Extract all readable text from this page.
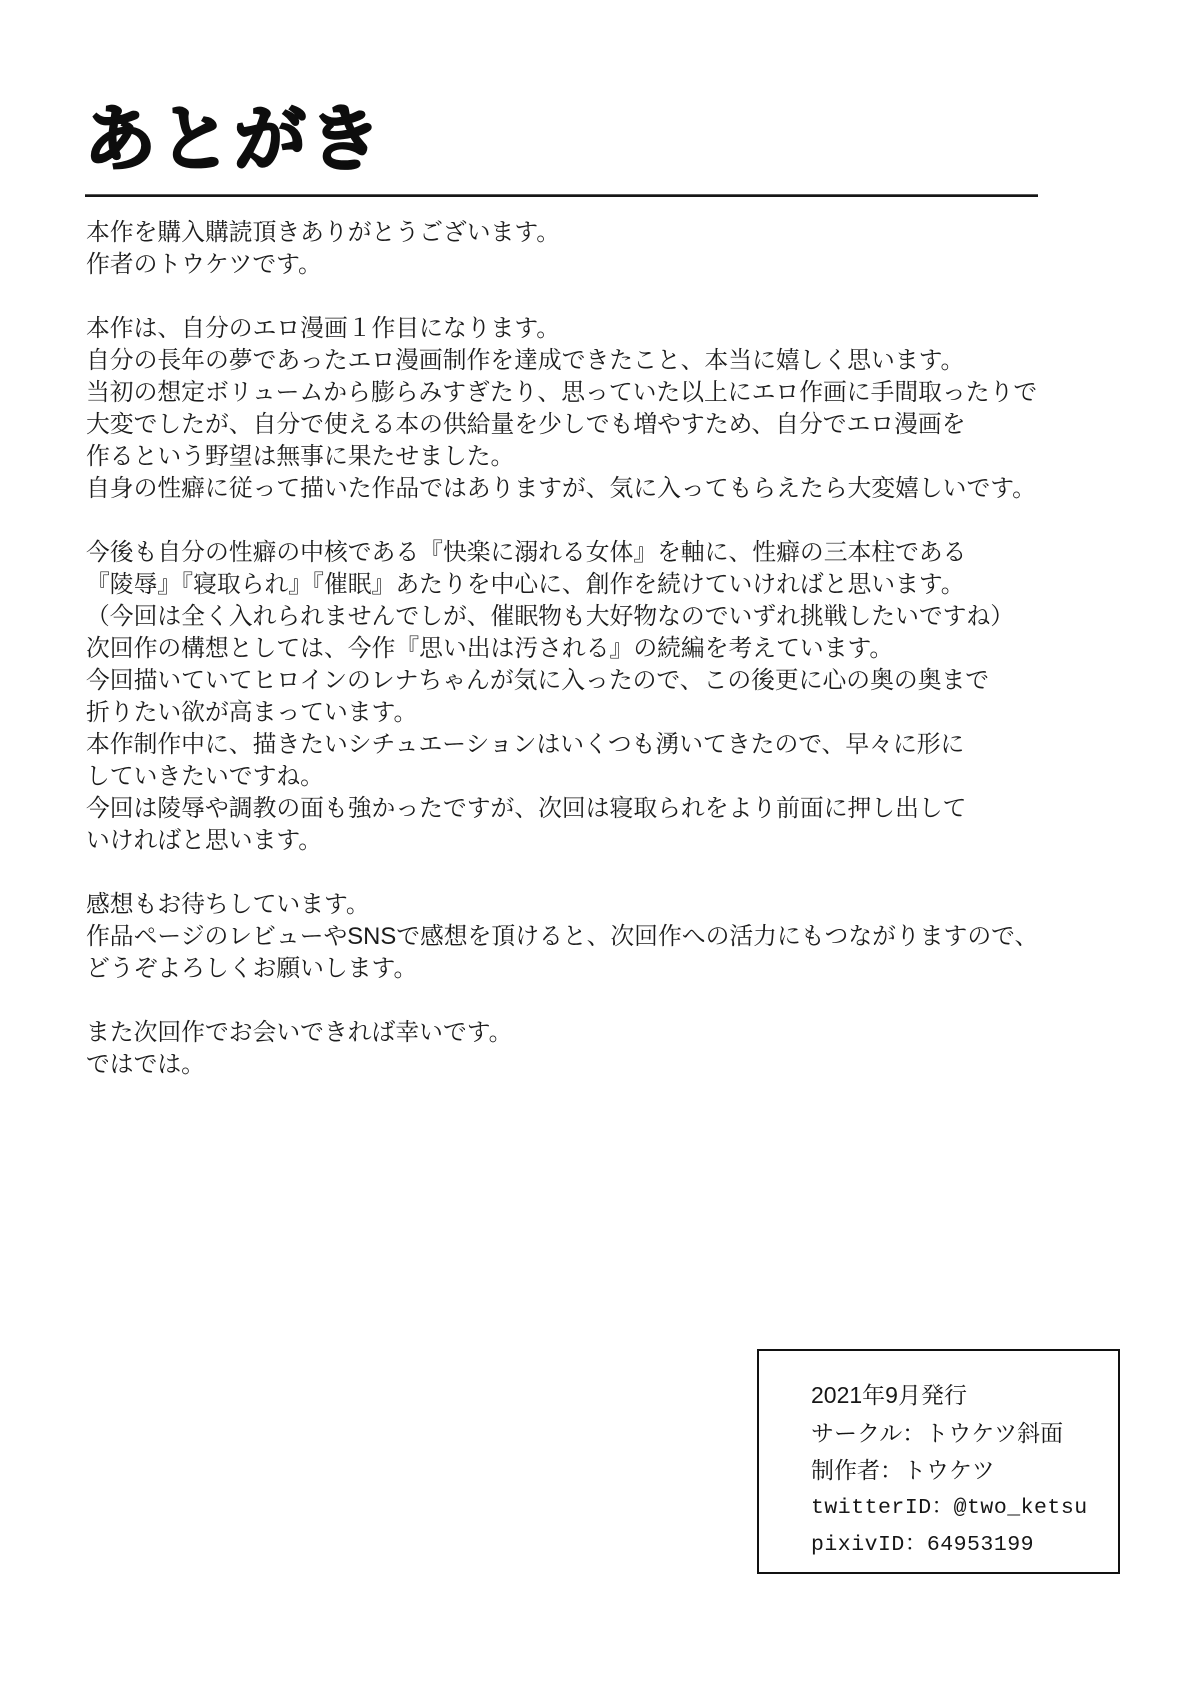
あとがき
本作を購入購読頂きありがとうございます。
作者のトウケツです。
本作は、自分のエロ漫画１作目になります。
自分の長年の夢であったエロ漫画制作を達成できたこと、本当に嬉しく思います。
当初の想定ボリュームから膨らみすぎたり、思っていた以上にエロ作画に手間取ったりで
大変でしたが、自分で使える本の供給量を少しでも増やすため、自分でエロ漫画を
作るという野望は無事に果たせました。
自身の性癖に従って描いた作品ではありますが、気に入ってもらえたら大変嬉しいです。
今後も自分の性癖の中核である『快楽に溺れる女体』を軸に、性癖の三本柱である
『陵辱』『寝取られ』『催眠』あたりを中心に、創作を続けていければと思います。
（今回は全く入れられませんでしが、催眠物も大好物なのでいずれ挑戦したいですね）
次回作の構想としては、今作『思い出は汚される』の続編を考えています。
今回描いていてヒロインのレナちゃんが気に入ったので、この後更に心の奥の奥まで
折りたい欲が高まっています。
本作制作中に、描きたいシチュエーションはいくつも湧いてきたので、早々に形に
していきたいですね。
今回は陵辱や調教の面も強かったですが、次回は寝取られをより前面に押し出して
いければと思います。
感想もお待ちしています。
作品ページのレビューやSNSで感想を頂けると、次回作への活力にもつながりますので、
どうぞよろしくお願いします。
また次回作でお会いできれば幸いです。
ではでは。
2021年9月発行
サークル：トウケツ斜面
制作者：トウケツ
twitterID：@two_ketsu
pixivID：64953199
